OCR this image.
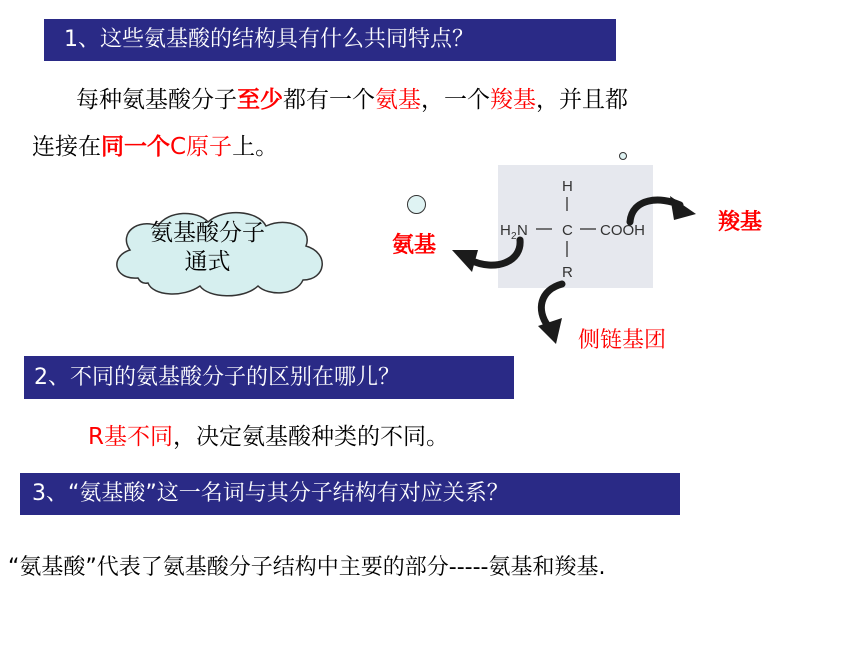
1、这些氨基酸的结构具有什么共同特点？
每种氨基酸分子至少都有一个氨基，一个羧基，并且都
连接在同一个C原子上。
氨基酸分子通式
H
H 2 N C COOH
R
氨基
羧基
侧链基团
2、不同的氨基酸分子的区别在哪儿？
R基不同，决定氨基酸种类的不同。
3、“氨基酸”这一名词与其分子结构有对应关系？
“氨基酸”代表了氨基酸分子结构中主要的部分-----氨基和羧基.
